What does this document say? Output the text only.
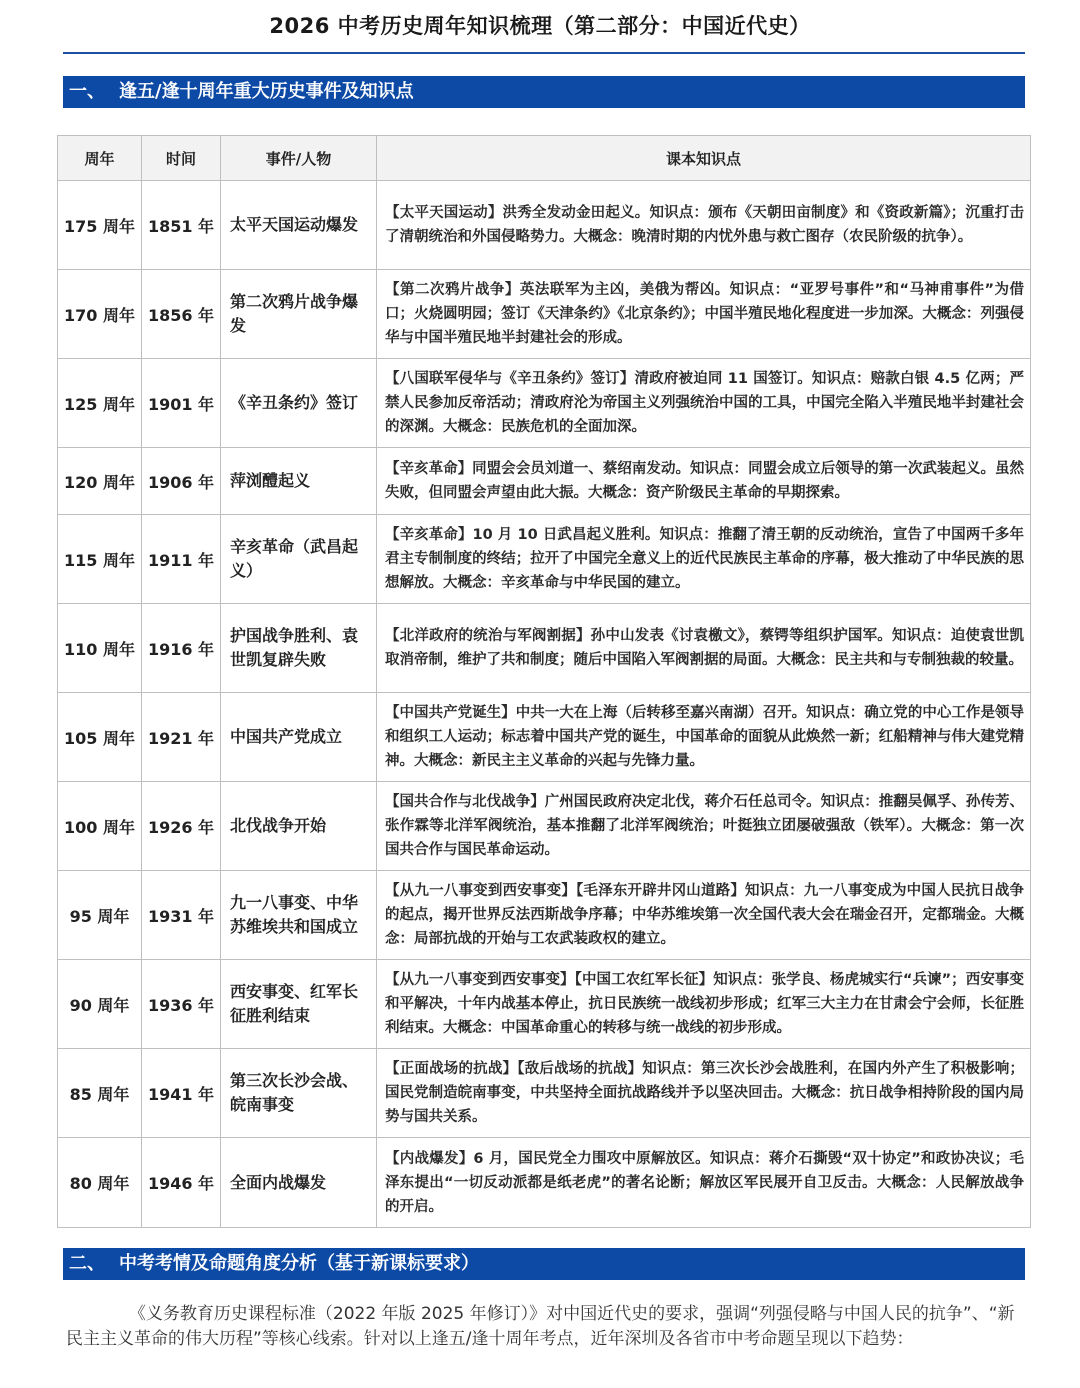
2026 中考历史周年知识梳理（第二部分：中国近代史）
一、 逢五/逢十周年重大历史事件及知识点
周年	时间	事件/人物	课本知识点
175 周年	1851 年	太平天国运动爆发	【太平天国运动】洪秀全发动金田起义。知识点：颁布《天朝田亩制度》和《资政新篇》；沉重打击了清朝统治和外国侵略势力。大概念：晚清时期的内忧外患与救亡图存（农民阶级的抗争）。
170 周年	1856 年	第二次鸦片战争爆发	【第二次鸦片战争】英法联军为主凶，美俄为帮凶。知识点：“亚罗号事件”和“马神甫事件”为借口；火烧圆明园；签订《天津条约》《北京条约》；中国半殖民地化程度进一步加深。大概念：列强侵华与中国半殖民地半封建社会的形成。
125 周年	1901 年	《辛丑条约》签订	【八国联军侵华与《辛丑条约》签订】清政府被迫同 11 国签订。知识点：赔款白银 4.5 亿两；严禁人民参加反帝活动；清政府沦为帝国主义列强统治中国的工具，中国完全陷入半殖民地半封建社会的深渊。大概念：民族危机的全面加深。
120 周年	1906 年	萍浏醴起义	【辛亥革命】同盟会会员刘道一、蔡绍南发动。知识点：同盟会成立后领导的第一次武装起义。虽然失败，但同盟会声望由此大振。大概念：资产阶级民主革命的早期探索。
115 周年	1911 年	辛亥革命（武昌起义）	【辛亥革命】10 月 10 日武昌起义胜利。知识点：推翻了清王朝的反动统治，宣告了中国两千多年君主专制制度的终结；拉开了中国完全意义上的近代民族民主革命的序幕，极大推动了中华民族的思想解放。大概念：辛亥革命与中华民国的建立。
110 周年	1916 年	护国战争胜利、袁世凯复辟失败	【北洋政府的统治与军阀割据】孙中山发表《讨袁檄文》，蔡锷等组织护国军。知识点：迫使袁世凯取消帝制，维护了共和制度；随后中国陷入军阀割据的局面。大概念：民主共和与专制独裁的较量。
105 周年	1921 年	中国共产党成立	【中国共产党诞生】中共一大在上海（后转移至嘉兴南湖）召开。知识点：确立党的中心工作是领导和组织工人运动；标志着中国共产党的诞生，中国革命的面貌从此焕然一新；红船精神与伟大建党精神。大概念：新民主主义革命的兴起与先锋力量。
100 周年	1926 年	北伐战争开始	【国共合作与北伐战争】广州国民政府决定北伐，蒋介石任总司令。知识点：推翻吴佩孚、孙传芳、张作霖等北洋军阀统治，基本推翻了北洋军阀统治；叶挺独立团屡破强敌（铁军）。大概念：第一次国共合作与国民革命运动。
95 周年	1931 年	九一八事变、中华苏维埃共和国成立	【从九一八事变到西安事变】【毛泽东开辟井冈山道路】知识点：九一八事变成为中国人民抗日战争的起点，揭开世界反法西斯战争序幕；中华苏维埃第一次全国代表大会在瑞金召开，定都瑞金。大概念：局部抗战的开始与工农武装政权的建立。
90 周年	1936 年	西安事变、红军长征胜利结束	【从九一八事变到西安事变】【中国工农红军长征】知识点：张学良、杨虎城实行“兵谏”；西安事变和平解决，十年内战基本停止，抗日民族统一战线初步形成；红军三大主力在甘肃会宁会师，长征胜利结束。大概念：中国革命重心的转移与统一战线的初步形成。
85 周年	1941 年	第三次长沙会战、皖南事变	【正面战场的抗战】【敌后战场的抗战】知识点：第三次长沙会战胜利，在国内外产生了积极影响；国民党制造皖南事变，中共坚持全面抗战路线并予以坚决回击。大概念：抗日战争相持阶段的国内局势与国共关系。
80 周年	1946 年	全面内战爆发	【内战爆发】6 月，国民党全力围攻中原解放区。知识点：蒋介石撕毁“双十协定”和政协决议；毛泽东提出“一切反动派都是纸老虎”的著名论断；解放区军民展开自卫反击。大概念：人民解放战争的开启。
二、 中考考情及命题角度分析（基于新课标要求）
《义务教育历史课程标准（2022 年版 2025 年修订）》对中国近代史的要求，强调“列强侵略与中国人民的抗争”、“新民主主义革命的伟大历程”等核心线索。针对以上逢五/逢十周年考点，近年深圳及各省市中考命题呈现以下趋势：
